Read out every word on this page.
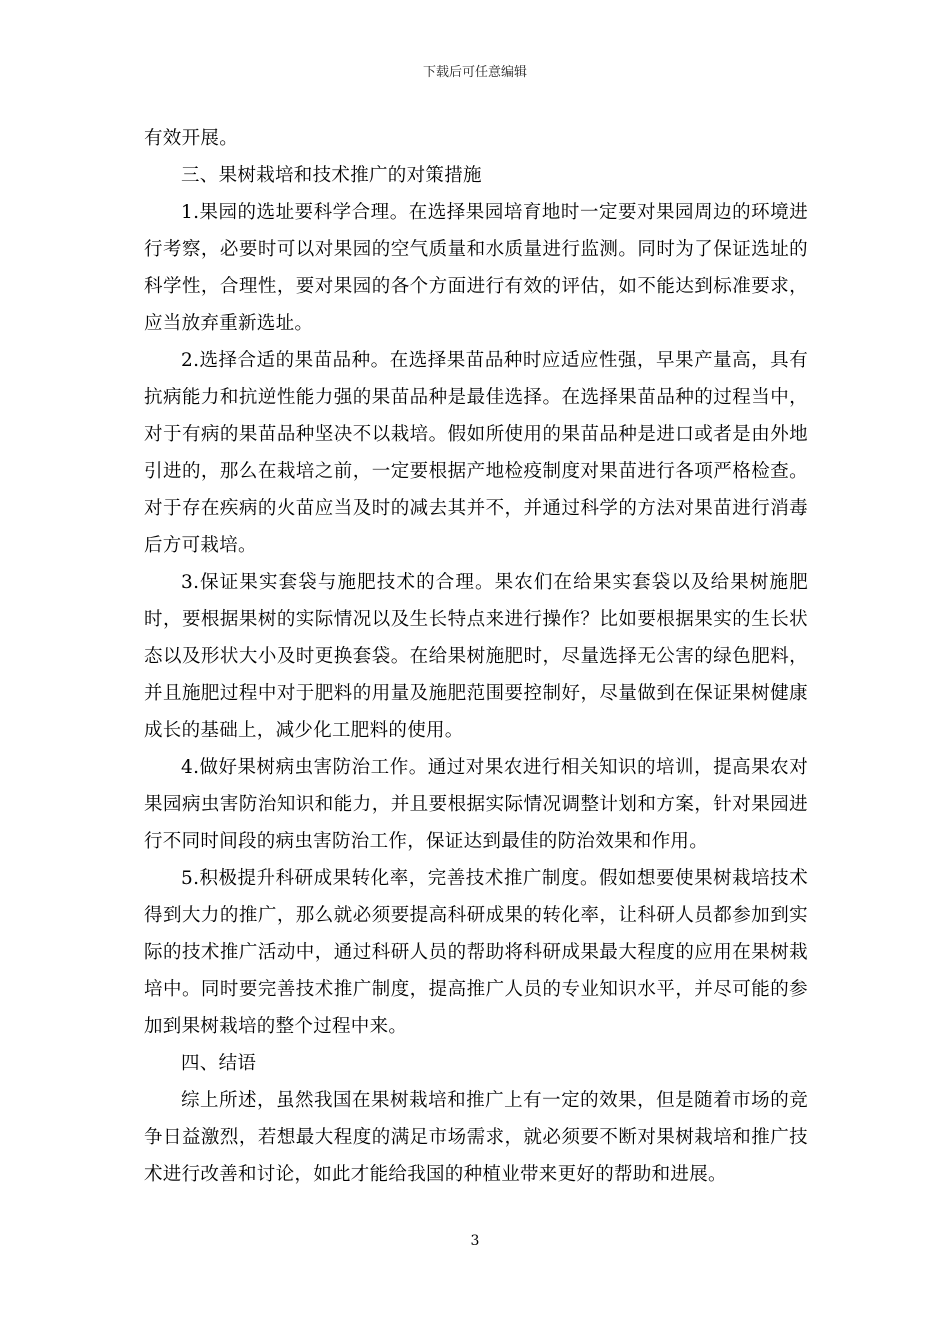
下载后可任意编辑

有效开展。

三、果树栽培和技术推广的对策措施

1.果园的选址要科学合理。在选择果园培育地时一定要对果园周边的环境进行考察，必要时可以对果园的空气质量和水质量进行监测。同时为了保证选址的科学性，合理性，要对果园的各个方面进行有效的评估，如不能达到标准要求，应当放弃重新选址。

2.选择合适的果苗品种。在选择果苗品种时应适应性强，早果产量高，具有抗病能力和抗逆性能力强的果苗品种是最佳选择。在选择果苗品种的过程当中，对于有病的果苗品种坚决不以栽培。假如所使用的果苗品种是进口或者是由外地引进的，那么在栽培之前，一定要根据产地检疫制度对果苗进行各项严格检查。对于存在疾病的火苗应当及时的减去其并不，并通过科学的方法对果苗进行消毒后方可栽培。

3.保证果实套袋与施肥技术的合理。果农们在给果实套袋以及给果树施肥时，要根据果树的实际情况以及生长特点来进行操作？比如要根据果实的生长状态以及形状大小及时更换套袋。在给果树施肥时，尽量选择无公害的绿色肥料，并且施肥过程中对于肥料的用量及施肥范围要控制好，尽量做到在保证果树健康成长的基础上，减少化工肥料的使用。

4.做好果树病虫害防治工作。通过对果农进行相关知识的培训，提高果农对果园病虫害防治知识和能力，并且要根据实际情况调整计划和方案，针对果园进行不同时间段的病虫害防治工作，保证达到最佳的防治效果和作用。

5.积极提升科研成果转化率，完善技术推广制度。假如想要使果树栽培技术得到大力的推广，那么就必须要提高科研成果的转化率，让科研人员都参加到实际的技术推广活动中，通过科研人员的帮助将科研成果最大程度的应用在果树栽培中。同时要完善技术推广制度，提高推广人员的专业知识水平，并尽可能的参加到果树栽培的整个过程中来。

四、结语

综上所述，虽然我国在果树栽培和推广上有一定的效果，但是随着市场的竞争日益激烈，若想最大程度的满足市场需求，就必须要不断对果树栽培和推广技术进行改善和讨论，如此才能给我国的种植业带来更好的帮助和进展。

3
